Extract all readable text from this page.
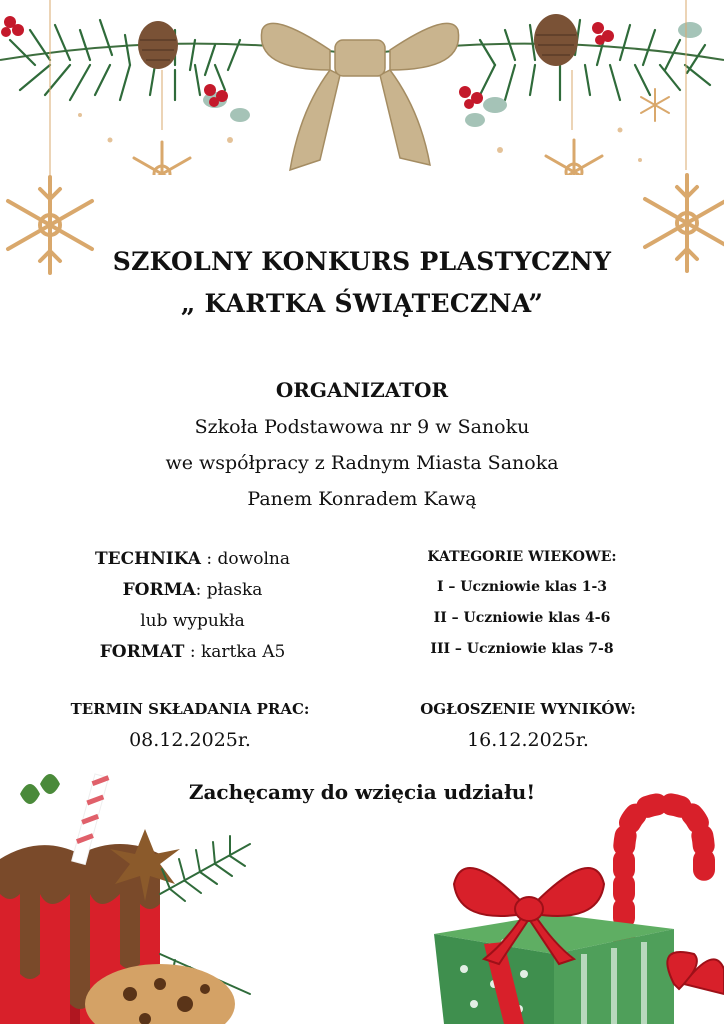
SZKOLNY KONKURS PLASTYCZNY
„ KARTKA ŚWIĄTECZNA”
ORGANIZATOR
Szkoła Podstawowa nr 9 w Sanoku
we współpracy z Radnym Miasta Sanoka
Panem Konradem Kawą
TECHNIKA : dowolna
FORMA: płaska
lub wypukła
FORMAT : kartka A5
KATEGORIE WIEKOWE:
I – Uczniowie klas 1-3
II – Uczniowie klas 4-6
III – Uczniowie klas 7-8
TERMIN SKŁADANIA PRAC:
08.12.2025r.
OGŁOSZENIE WYNIKÓW:
16.12.2025r.
Zachęcamy do wzięcia udziału!
